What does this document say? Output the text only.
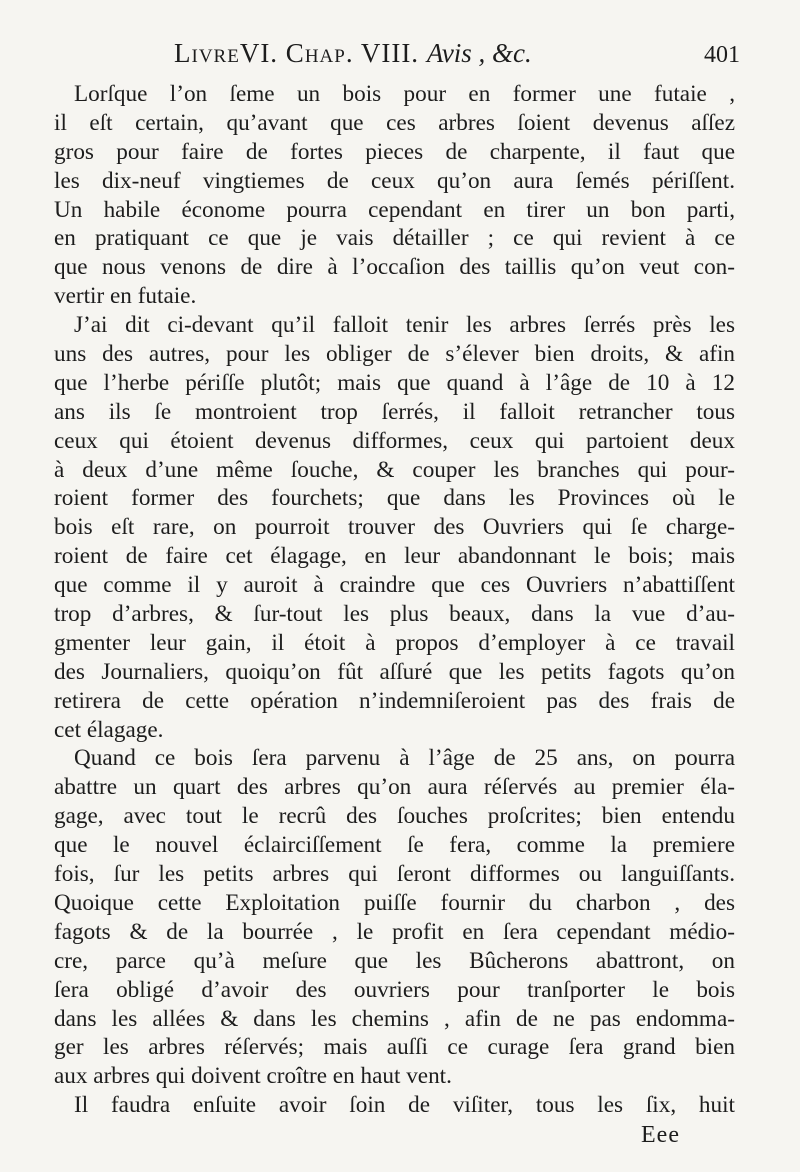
LivreVI. Chap. VIII. Avis , &c.	401
Lorſque l’on ſeme un bois pour en former une futaie ,
il eſt certain, qu’avant que ces arbres ſoient devenus aſſez
gros pour faire de fortes pieces de charpente, il faut que
les dix-neuf vingtiemes de ceux qu’on aura ſemés périſſent.
Un habile économe pourra cependant en tirer un bon parti,
en pratiquant ce que je vais détailler ; ce qui revient à ce
que nous venons de dire à l’occaſion des taillis qu’on veut con-
vertir en futaie.
J’ai dit ci-devant qu’il falloit tenir les arbres ſerrés près les
uns des autres, pour les obliger de s’élever bien droits, & afin
que l’herbe périſſe plutôt; mais que quand à l’âge de 10 à 12
ans ils ſe montroient trop ſerrés, il falloit retrancher tous
ceux qui étoient devenus difformes, ceux qui partoient deux
à deux d’une même ſouche, & couper les branches qui pour-
roient former des fourchets; que dans les Provinces où le
bois eſt rare, on pourroit trouver des Ouvriers qui ſe charge-
roient de faire cet élagage, en leur abandonnant le bois; mais
que comme il y auroit à craindre que ces Ouvriers n’abattiſſent
trop d’arbres, & ſur-tout les plus beaux, dans la vue d’au-
gmenter leur gain, il étoit à propos d’employer à ce travail
des Journaliers, quoiqu’on fût aſſuré que les petits fagots qu’on
retirera de cette opération n’indemniſeroient pas des frais de
cet élagage.
Quand ce bois ſera parvenu à l’âge de 25 ans, on pourra
abattre un quart des arbres qu’on aura réſervés au premier éla-
gage, avec tout le recrû des ſouches proſcrites; bien entendu
que le nouvel éclairciſſement ſe fera, comme la premiere
fois, ſur les petits arbres qui ſeront difformes ou languiſſants.
Quoique cette Exploitation puiſſe fournir du charbon , des
fagots & de la bourrée , le profit en ſera cependant médio-
cre, parce qu’à meſure que les Bûcherons abattront, on
ſera obligé d’avoir des ouvriers pour tranſporter le bois
dans les allées & dans les chemins , afin de ne pas endomma-
ger les arbres réſervés; mais auſſi ce curage ſera grand bien
aux arbres qui doivent croître en haut vent.
Il faudra enſuite avoir ſoin de viſiter, tous les ſix, huit
Eee
